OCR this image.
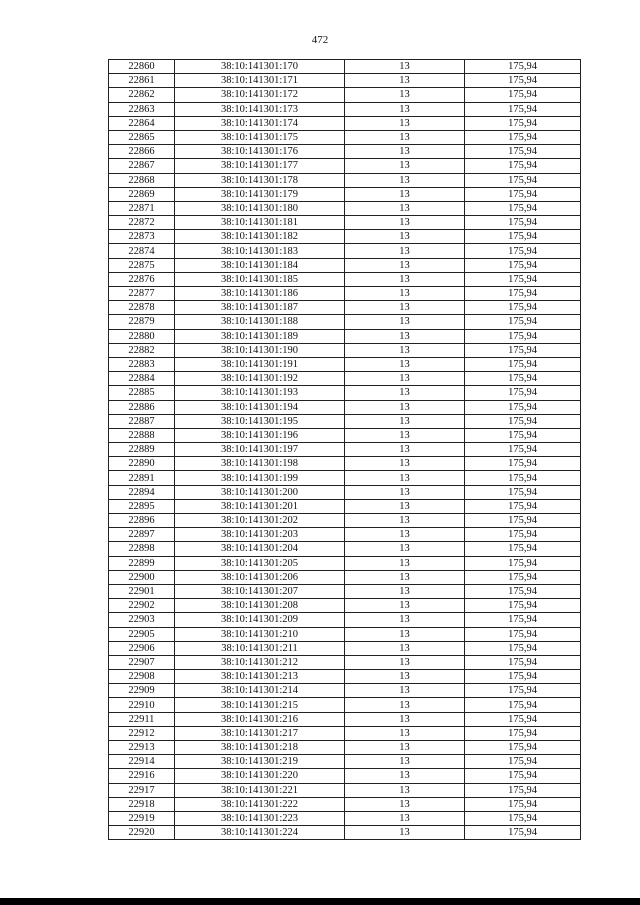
472
22860	38:10:141301:170	13	175,94
22861	38:10:141301:171	13	175,94
22862	38:10:141301:172	13	175,94
22863	38:10:141301:173	13	175,94
22864	38:10:141301:174	13	175,94
22865	38:10:141301:175	13	175,94
22866	38:10:141301:176	13	175,94
22867	38:10:141301:177	13	175,94
22868	38:10:141301:178	13	175,94
22869	38:10:141301:179	13	175,94
22871	38:10:141301:180	13	175,94
22872	38:10:141301:181	13	175,94
22873	38:10:141301:182	13	175,94
22874	38:10:141301:183	13	175,94
22875	38:10:141301:184	13	175,94
22876	38:10:141301:185	13	175,94
22877	38:10:141301:186	13	175,94
22878	38:10:141301:187	13	175,94
22879	38:10:141301:188	13	175,94
22880	38:10:141301:189	13	175,94
22882	38:10:141301:190	13	175,94
22883	38:10:141301:191	13	175,94
22884	38:10:141301:192	13	175,94
22885	38:10:141301:193	13	175,94
22886	38:10:141301:194	13	175,94
22887	38:10:141301:195	13	175,94
22888	38:10:141301:196	13	175,94
22889	38:10:141301:197	13	175,94
22890	38:10:141301:198	13	175,94
22891	38:10:141301:199	13	175,94
22894	38:10:141301:200	13	175,94
22895	38:10:141301:201	13	175,94
22896	38:10:141301:202	13	175,94
22897	38:10:141301:203	13	175,94
22898	38:10:141301:204	13	175,94
22899	38:10:141301:205	13	175,94
22900	38:10:141301:206	13	175,94
22901	38:10:141301:207	13	175,94
22902	38:10:141301:208	13	175,94
22903	38:10:141301:209	13	175,94
22905	38:10:141301:210	13	175,94
22906	38:10:141301:211	13	175,94
22907	38:10:141301:212	13	175,94
22908	38:10:141301:213	13	175,94
22909	38:10:141301:214	13	175,94
22910	38:10:141301:215	13	175,94
22911	38:10:141301:216	13	175,94
22912	38:10:141301:217	13	175,94
22913	38:10:141301:218	13	175,94
22914	38:10:141301:219	13	175,94
22916	38:10:141301:220	13	175,94
22917	38:10:141301:221	13	175,94
22918	38:10:141301:222	13	175,94
22919	38:10:141301:223	13	175,94
22920	38:10:141301:224	13	175,94
